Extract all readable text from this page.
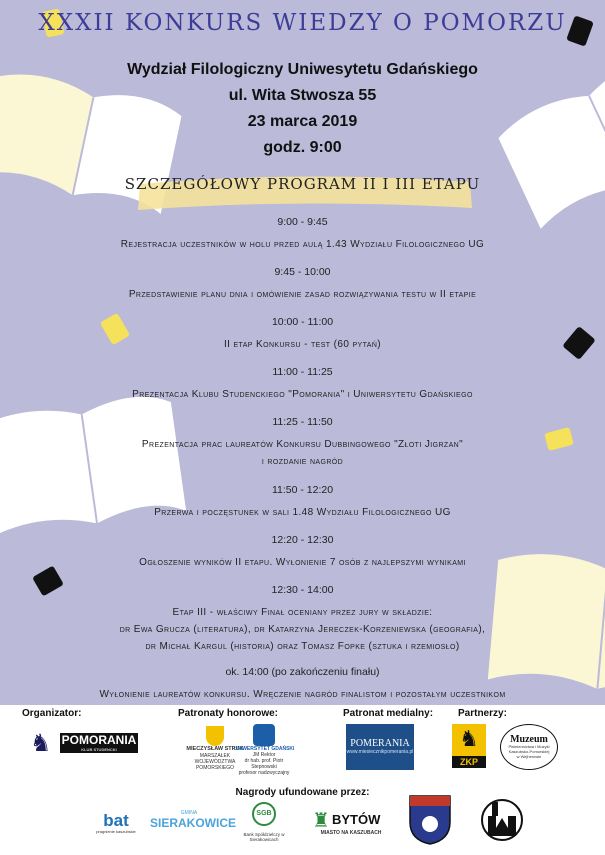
XXXII KONKURS WIEDZY O POMORZU
Wydział Filologiczny Uniwesytetu Gdańskiego
ul. Wita Stwosza 55
23 marca 2019
godz. 9:00
SZCZEGÓŁOWY PROGRAM II I III ETAPU
9:00 - 9:45
Rejestracja uczestników w holu przed aulą 1.43 Wydziału Filologicznego UG
9:45 - 10:00
Przedstawienie planu dnia i omówienie zasad rozwiązywania testu w II etapie
10:00 - 11:00
II etap Konkursu - test (60 pytań)
11:00 - 11:25
Prezentacja Klubu Studenckiego "Pomorania" i Uniwersytetu Gdańskiego
11:25 - 11:50
Prezentacja prac laureatów Konkursu Dubbingowego "Złoti Jigrzan"
i rozdanie nagród
11:50 - 12:20
Przerwa i poczęstunek w sali 1.48 Wydziału Filologicznego UG
12:20 - 12:30
Ogłoszenie wyników II etapu. Wyłonienie 7 osób z najlepszymi wynikami
12:30 - 14:00
Etap III - właściwy Finał oceniany przez jury w składzie:
dr Ewa Grucza (literatura), dr Katarzyna Jereczek-Korzeniewska (geografia),
dr Michał Kargul (historia) oraz Tomasz Fopke (sztuka i rzemiosło)
ok. 14:00 (po zakończeniu finału)
Wyłonienie laureatów konkursu. Wręczenie nagród finalistom i pozostałym uczestnikom
Organizator:	Patronaty honorowe:	Patronat medialny: Partnerzy:
♞ POMORANIA
KLUB STUDENCKI	MIECZYSŁAW STRUK
MARSZAŁEK
WOJEWÓDZTWA POMORSKIEGO
UNIWERSYTET GDAŃSKI
JM Rektor
dr hab. prof. Piotr Stepnowski
profesor nadzwyczajny
POMERANIA
www.miesiecznikpomerania.pl	♞
ZKP
Muzeum
Piśmiennictwa i Muzyki
Kaszubsko-Pomorskiej
w Wejherowie
Nagrody ufundowane przez:
bat
pragnienie kaszubskie
GMINA
SIERAKOWICE
SGB
Bank Spółdzielczy w Sierakowicach
♜ BYTÓW
MIASTO NA KASZUBACH
